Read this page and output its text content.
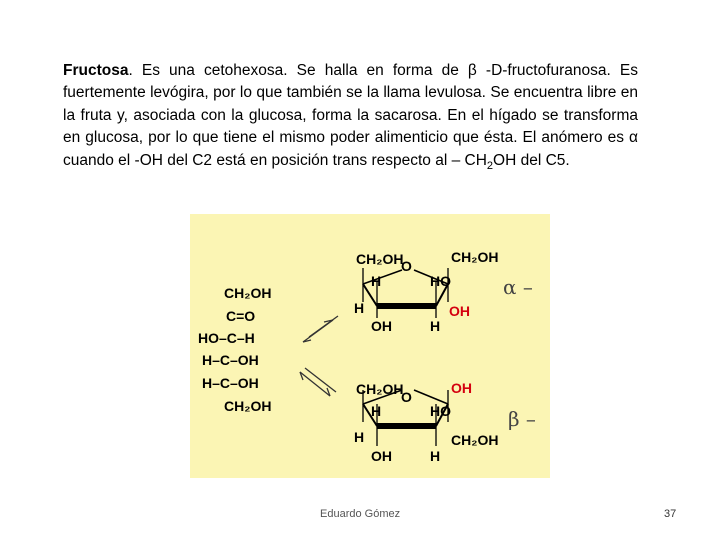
Fructosa. Es una cetohexosa. Se halla en forma de β -D-fructofuranosa. Es fuertemente levógira, por lo que también se la llama levulosa. Se encuentra libre en la fruta y, asociada con la glucosa, forma la sacarosa. En el hígado se transforma en glucosa, por lo que tiene el mismo poder alimenticio que ésta. El anómero es α cuando el -OH del C2 está en posición trans respecto al – $CH_2OH$ del C5.

CH₂OH
C=O
HO–C–H
H–C–OH
H–C–OH
CH₂OH
CH₂OH
O
CH₂OH
H	HO
H	OH
OH	H
α –
CH₂OH
O
OH
H	HO
H	CH₂OH
OH	H
β –
Eduardo Gómez	37
